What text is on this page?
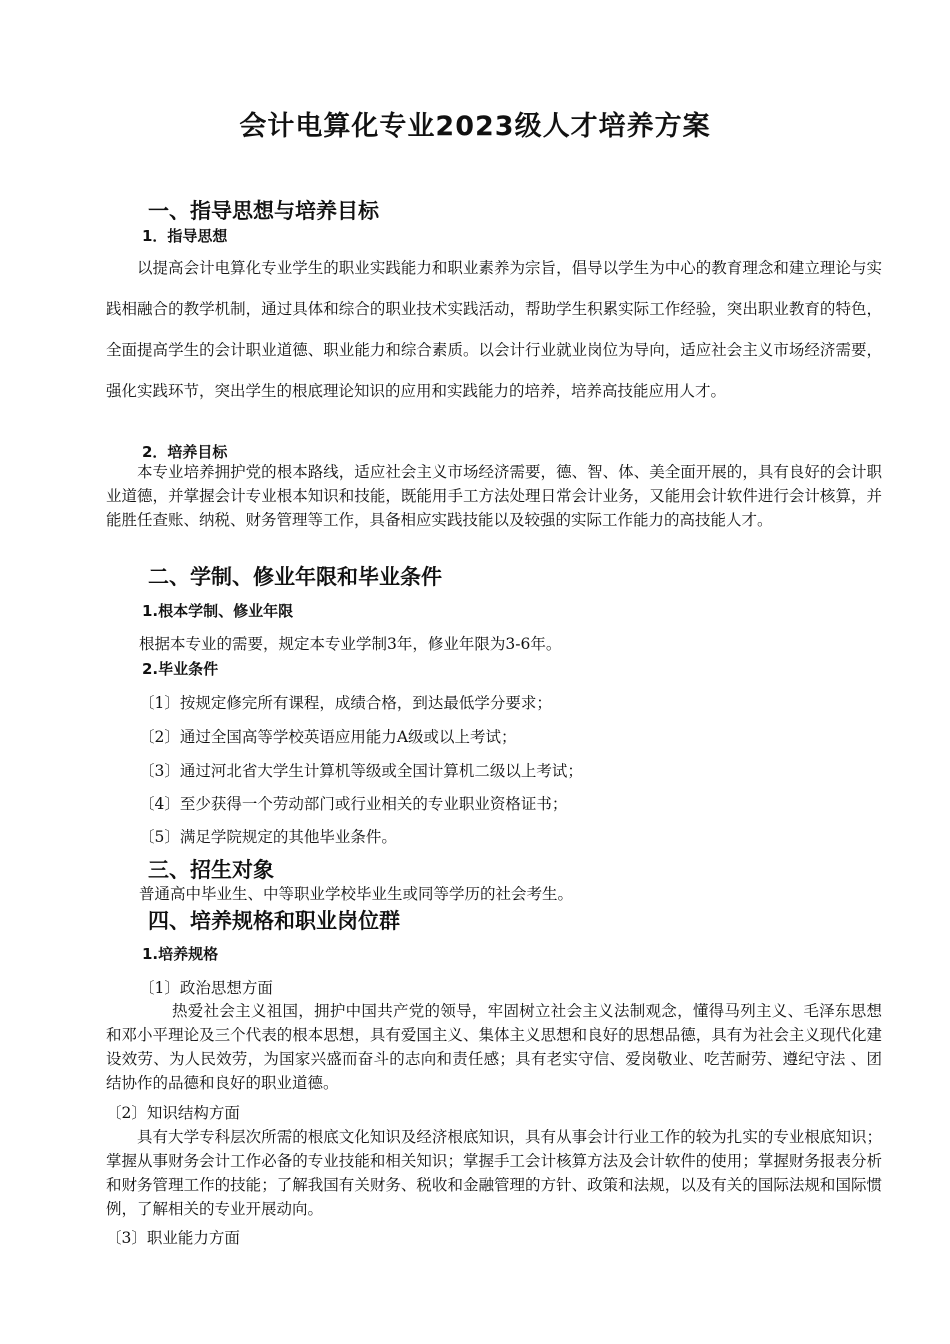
会计电算化专业2023级人才培养方案
一、指导思想与培养目标
1．指导思想

以提高会计电算化专业学生的职业实践能力和职业素养为宗旨，倡导以学生为中心的教育理念和建立理论与实践相融合的教学机制，通过具体和综合的职业技术实践活动，帮助学生积累实际工作经验，突出职业教育的特色，全面提高学生的会计职业道德、职业能力和综合素质。以会计行业就业岗位为导向，适应社会主义市场经济需要，强化实践环节，突出学生的根底理论知识的应用和实践能力的培养，培养高技能应用人才。

2．培养目标

本专业培养拥护党的根本路线，适应社会主义市场经济需要，德、智、体、美全面开展的，具有良好的会计职业道德，并掌握会计专业根本知识和技能，既能用手工方法处理日常会计业务，又能用会计软件进行会计核算，并能胜任查账、纳税、财务管理等工作，具备相应实践技能以及较强的实际工作能力的高技能人才。

二、学制、修业年限和毕业条件
1.根本学制、修业年限
根据本专业的需要，规定本专业学制3年，修业年限为3-6年。
2.毕业条件
〔1〕按规定修完所有课程，成绩合格，到达最低学分要求；
〔2〕通过全国高等学校英语应用能力A级或以上考试；
〔3〕通过河北省大学生计算机等级或全国计算机二级以上考试；
〔4〕至少获得一个劳动部门或行业相关的专业职业资格证书；
〔5〕满足学院规定的其他毕业条件。
三、招生对象
普通高中毕业生、中等职业学校毕业生或同等学历的社会考生。
四、培养规格和职业岗位群
1.培养规格
〔1〕政治思想方面

热爱社会主义祖国，拥护中国共产党的领导，牢固树立社会主义法制观念，懂得马列主义、毛泽东思想和邓小平理论及三个代表的根本思想，具有爱国主义、集体主义思想和良好的思想品德，具有为社会主义现代化建设效劳、为人民效劳，为国家兴盛而奋斗的志向和责任感；具有老实守信、爱岗敬业、吃苦耐劳、遵纪守法 、团结协作的品德和良好的职业道德。

〔2〕知识结构方面

具有大学专科层次所需的根底文化知识及经济根底知识，具有从事会计行业工作的较为扎实的专业根底知识；掌握从事财务会计工作必备的专业技能和相关知识；掌握手工会计核算方法及会计软件的使用；掌握财务报表分析和财务管理工作的技能；了解我国有关财务、税收和金融管理的方针、政策和法规，以及有关的国际法规和国际惯例，了解相关的专业开展动向。

〔3〕职业能力方面
